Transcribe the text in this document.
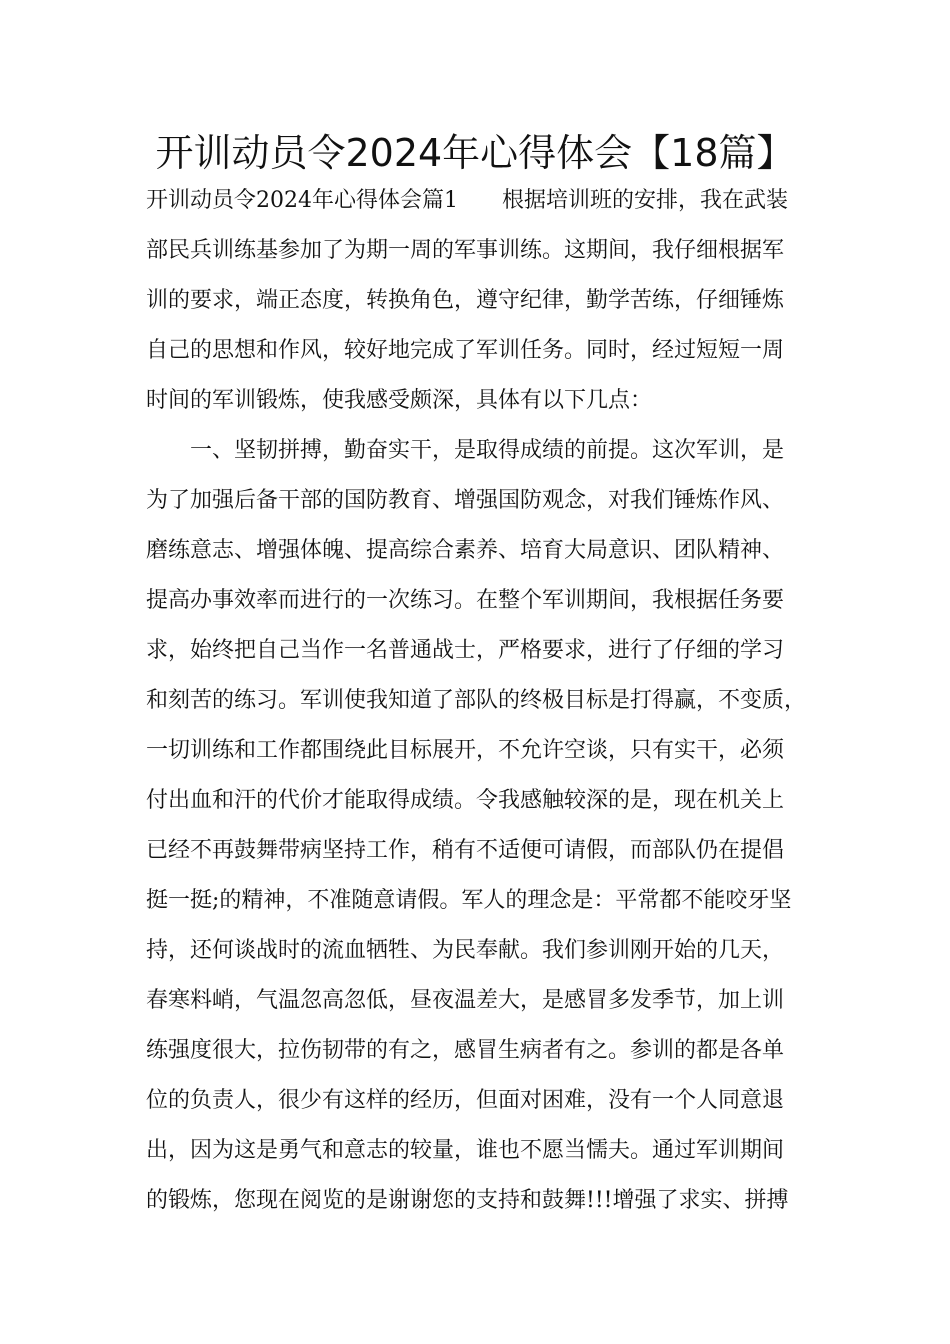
开训动员令2024年心得体会【18篇】
开训动员令2024年心得体会篇1　　根据培训班的安排，我在武装
部民兵训练基参加了为期一周的军事训练。这期间，我仔细根据军
训的要求，端正态度，转换角色，遵守纪律，勤学苦练，仔细锤炼
自己的思想和作风，较好地完成了军训任务。同时，经过短短一周
时间的军训锻炼，使我感受颇深，具体有以下几点：
　　一、坚韧拼搏，勤奋实干，是取得成绩的前提。这次军训，是
为了加强后备干部的国防教育、增强国防观念，对我们锤炼作风、
磨练意志、增强体魄、提高综合素养、培育大局意识、团队精神、
提高办事效率而进行的一次练习。在整个军训期间，我根据任务要
求，始终把自己当作一名普通战士，严格要求，进行了仔细的学习
和刻苦的练习。军训使我知道了部队的终极目标是打得赢，不变质，
一切训练和工作都围绕此目标展开，不允许空谈，只有实干，必须
付出血和汗的代价才能取得成绩。令我感触较深的是，现在机关上
已经不再鼓舞带病坚持工作，稍有不适便可请假，而部队仍在提倡
挺一挺;的精神，不准随意请假。军人的理念是：平常都不能咬牙坚
持，还何谈战时的流血牺牲、为民奉献。我们参训刚开始的几天，
春寒料峭，气温忽高忽低，昼夜温差大，是感冒多发季节，加上训
练强度很大，拉伤韧带的有之，感冒生病者有之。参训的都是各单
位的负责人，很少有这样的经历，但面对困难，没有一个人同意退
出，因为这是勇气和意志的较量，谁也不愿当懦夫。通过军训期间
的锻炼，您现在阅览的是谢谢您的支持和鼓舞!!!增强了求实、拼搏
